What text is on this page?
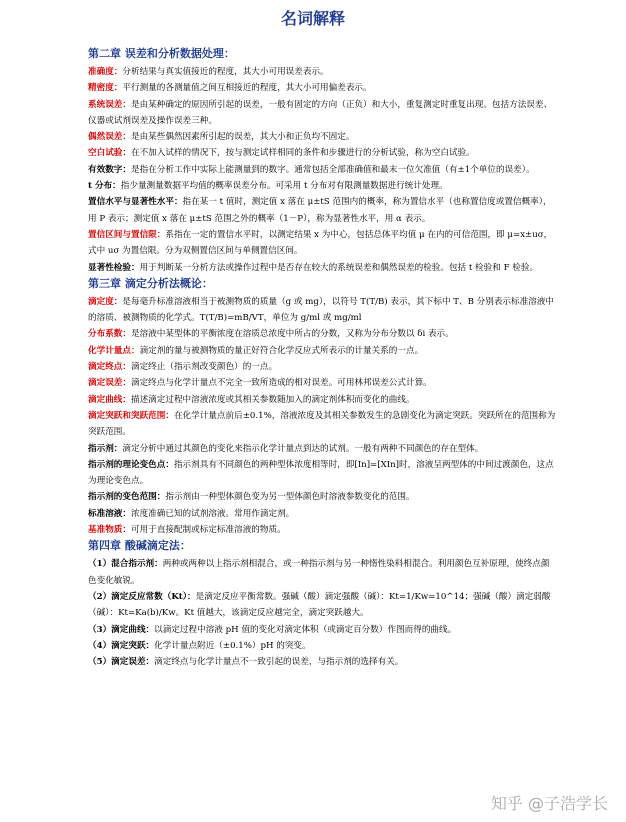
名词解释
第二章 误差和分析数据处理：

准确度：分析结果与真实值接近的程度，其大小可用误差表示。

精密度：平行测量的各测量值之间互相接近的程度，其大小可用偏差表示。

系统误差：是由某种确定的原因所引起的误差，一般有固定的方向（正负）和大小，重复测定时重复出现。包括方法误差、仪器或试剂误差及操作误差三种。

偶然误差：是由某些偶然因素所引起的误差，其大小和正负均不固定。

空白试验：在不加入试样的情况下，按与测定试样相同的条件和步骤进行的分析试验，称为空白试验。

有效数字：是指在分析工作中实际上能测量到的数字。通常包括全部准确值和最末一位欠准值（有±1个单位的误差）。

t 分布：指少量测量数据平均值的概率误差分布。可采用 t 分布对有限测量数据进行统计处理。

置信水平与显著性水平：指在某一 t 值时，测定值 x 落在 μ±tS 范围内的概率，称为置信水平（也称置信度或置信概率），用 P 表示；测定值 x 落在 μ±tS 范围之外的概率（1－P），称为显著性水平，用 α 表示。

置信区间与置信限：系指在一定的置信水平时，以测定结果 x 为中心，包括总体平均值 μ 在内的可信范围，即 μ=x±uσ，式中 uσ 为置信限。分为双侧置信区间与单侧置信区间。

显著性检验：用于判断某一分析方法或操作过程中是否存在较大的系统误差和偶然误差的检验。包括 t 检验和 F 检验。

第三章 滴定分析法概论：

滴定度：是每毫升标准溶液相当于被测物质的质量（g 或 mg），以符号 T(T/B) 表示，其下标中 T、B 分别表示标准溶液中的溶质、被测物质的化学式。T(T/B)=mB/VT，单位为 g/ml 或 mg/ml

分布系数：是溶液中某型体的平衡浓度在溶质总浓度中所占的分数，又称为分布分数以 δi 表示。

化学计量点：滴定剂的量与被测物质的量正好符合化学反应式所表示的计量关系的一点。

滴定终点：滴定终止（指示剂改变颜色）的一点。

滴定误差：滴定终点与化学计量点不完全一致所造成的相对误差。可用林邦误差公式计算。

滴定曲线：描述滴定过程中溶液浓度或其相关参数随加入的滴定剂体积而变化的曲线。

滴定突跃和突跃范围：在化学计量点前后±0.1%，溶液浓度及其相关参数发生的急剧变化为滴定突跃。突跃所在的范围称为突跃范围。

指示剂：滴定分析中通过其颜色的变化来指示化学计量点到达的试剂。一般有两种不同颜色的存在型体。

指示剂的理论变色点：指示剂具有不同颜色的两种型体浓度相等时，即[In]=[XIn]时，溶液呈两型体的中间过渡颜色，这点为理论变色点。

指示剂的变色范围：指示剂由一种型体颜色变为另一型体颜色时溶液参数变化的范围。

标准溶液：浓度准确已知的试剂溶液。常用作滴定剂。

基准物质：可用于直接配制或标定标准溶液的物质。

第四章 酸碱滴定法：

（1）混合指示剂：两种或两种以上指示剂相混合，或一种指示剂与另一种惰性染料相混合。利用颜色互补原理，使终点颜色变化敏锐。

（2）滴定反应常数（Kt）：是滴定反应平衡常数。强碱（酸）滴定强酸（碱）：Kt=1/Kw=10^14；强碱（酸）滴定弱酸（碱）：Kt=Ka(b)/Kw。Kt 值越大，该滴定反应越完全，滴定突跃越大。

（3）滴定曲线：以滴定过程中溶液 pH 值的变化对滴定体积（或滴定百分数）作图而得的曲线。

（4）滴定突跃：化学计量点附近（±0.1%）pH 的突变。

（5）滴定误差：滴定终点与化学计量点不一致引起的误差，与指示剂的选择有关。

知乎 @子浩学长
